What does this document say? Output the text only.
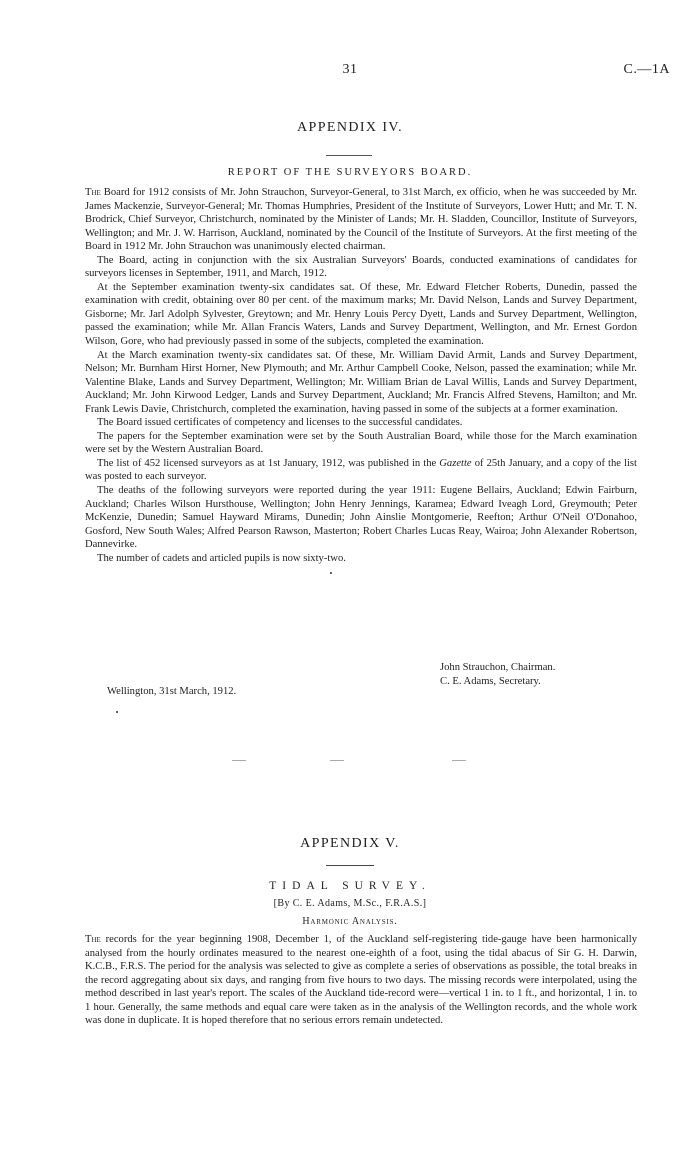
31	C.—1A
APPENDIX IV.
REPORT OF THE SURVEYORS BOARD.

The Board for 1912 consists of Mr. John Strauchon, Surveyor-General, to 31st March, ex officio, when he was succeeded by Mr. James Mackenzie, Surveyor-General; Mr. Thomas Humphries, President of the Institute of Surveyors, Lower Hutt; and Mr. T. N. Brodrick, Chief Surveyor, Christchurch, nominated by the Minister of Lands; Mr. H. Sladden, Councillor, Institute of Surveyors, Wellington; and Mr. J. W. Harrison, Auckland, nominated by the Council of the Institute of Surveyors. At the first meeting of the Board in 1912 Mr. John Strauchon was unanimously elected chairman.

The Board, acting in conjunction with the six Australian Surveyors' Boards, conducted examinations of candidates for surveyors licenses in September, 1911, and March, 1912.

At the September examination twenty-six candidates sat. Of these, Mr. Edward Fletcher Roberts, Dunedin, passed the examination with credit, obtaining over 80 per cent. of the maximum marks; Mr. David Nelson, Lands and Survey Department, Gisborne; Mr. Jarl Adolph Sylvester, Greytown; and Mr. Henry Louis Percy Dyett, Lands and Survey Department, Wellington, passed the examination; while Mr. Allan Francis Waters, Lands and Survey Department, Wellington, and Mr. Ernest Gordon Wilson, Gore, who had previously passed in some of the subjects, completed the examination.

At the March examination twenty-six candidates sat. Of these, Mr. William David Armit, Lands and Survey Department, Nelson; Mr. Burnham Hirst Horner, New Plymouth; and Mr. Arthur Campbell Cooke, Nelson, passed the examination; while Mr. Valentine Blake, Lands and Survey Department, Wellington; Mr. William Brian de Laval Willis, Lands and Survey Department, Auckland; Mr. John Kirwood Ledger, Lands and Survey Department, Auckland; Mr. Francis Alfred Stevens, Hamilton; and Mr. Frank Lewis Davie, Christchurch, completed the examination, having passed in some of the subjects at a former examination.

The Board issued certificates of competency and licenses to the successful candidates.

The papers for the September examination were set by the South Australian Board, while those for the March examination were set by the Western Australian Board.

The list of 452 licensed surveyors as at 1st January, 1912, was published in the Gazette of 25th January, and a copy of the list was posted to each surveyor.

The deaths of the following surveyors were reported during the year 1911: Eugene Bellairs, Auckland; Edwin Fairburn, Auckland; Charles Wilson Hursthouse, Wellington; John Henry Jennings, Karamea; Edward Iveagh Lord, Greymouth; Peter McKenzie, Dunedin; Samuel Hayward Mirams, Dunedin; John Ainslie Montgomerie, Reefton; Arthur O'Neil O'Donahoo, Gosford, New South Wales; Alfred Pearson Rawson, Masterton; Robert Charles Lucas Reay, Wairoa; John Alexander Robertson, Dannevirke.

The number of cadets and articled pupils is now sixty-two.

John Strauchon, Chairman.
C. E. Adams, Secretary.
Wellington, 31st March, 1912.
APPENDIX V.
TIDAL SURVEY.
[By C. E. Adams, M.Sc., F.R.A.S.]
Harmonic Analysis.

The records for the year beginning 1908, December 1, of the Auckland self-registering tide-gauge have been harmonically analysed from the hourly ordinates measured to the nearest one-eighth of a foot, using the tidal abacus of Sir G. H. Darwin, K.C.B., F.R.S. The period for the analysis was selected to give as complete a series of observations as possible, the total breaks in the record aggregating about six days, and ranging from five hours to two days. The missing records were interpolated, using the method described in last year's report. The scales of the Auckland tide-record were—vertical 1 in. to 1 ft., and horizontal, 1 in. to 1 hour. Generally, the same methods and equal care were taken as in the analysis of the Wellington records, and the whole work was done in duplicate. It is hoped therefore that no serious errors remain undetected.
